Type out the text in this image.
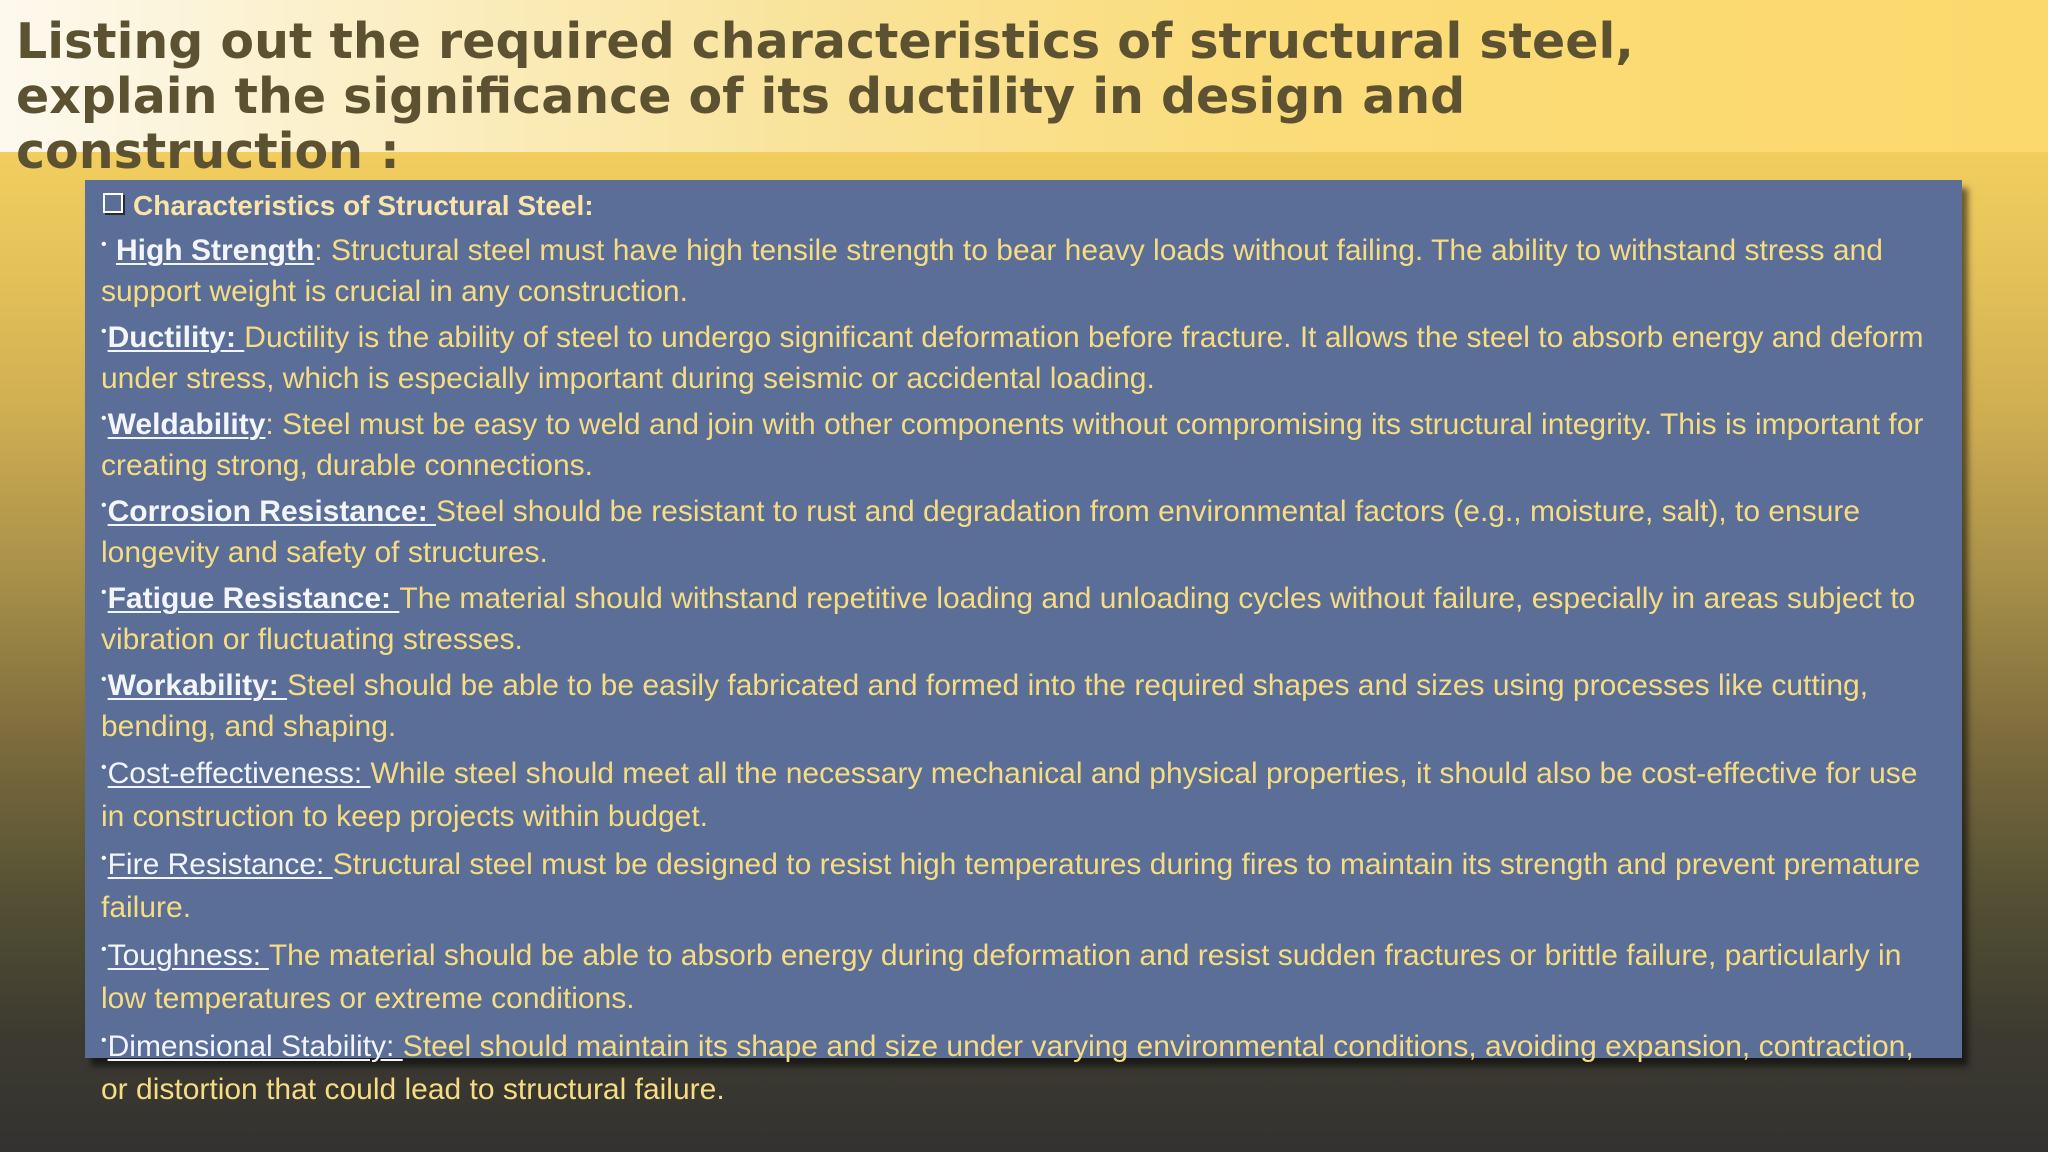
Listing out the required characteristics of structural steel, explain the significance of its ductility in design and construction :
Characteristics of Structural Steel:
• High Strength: Structural steel must have high tensile strength to bear heavy loads without failing. The ability to withstand stress and support weight is crucial in any construction.
•Ductility: Ductility is the ability of steel to undergo significant deformation before fracture. It allows the steel to absorb energy and deform under stress, which is especially important during seismic or accidental loading.
•Weldability: Steel must be easy to weld and join with other components without compromising its structural integrity. This is important for creating strong, durable connections.
•Corrosion Resistance: Steel should be resistant to rust and degradation from environmental factors (e.g., moisture, salt), to ensure longevity and safety of structures.
•Fatigue Resistance: The material should withstand repetitive loading and unloading cycles without failure, especially in areas subject to vibration or fluctuating stresses.
•Workability: Steel should be able to be easily fabricated and formed into the required shapes and sizes using processes like cutting, bending, and shaping.
•Cost-effectiveness: While steel should meet all the necessary mechanical and physical properties, it should also be cost-effective for use in construction to keep projects within budget.
•Fire Resistance: Structural steel must be designed to resist high temperatures during fires to maintain its strength and prevent premature failure.
•Toughness: The material should be able to absorb energy during deformation and resist sudden fractures or brittle failure, particularly in low temperatures or extreme conditions.
•Dimensional Stability: Steel should maintain its shape and size under varying environmental conditions, avoiding expansion, contraction, or distortion that could lead to structural failure.
